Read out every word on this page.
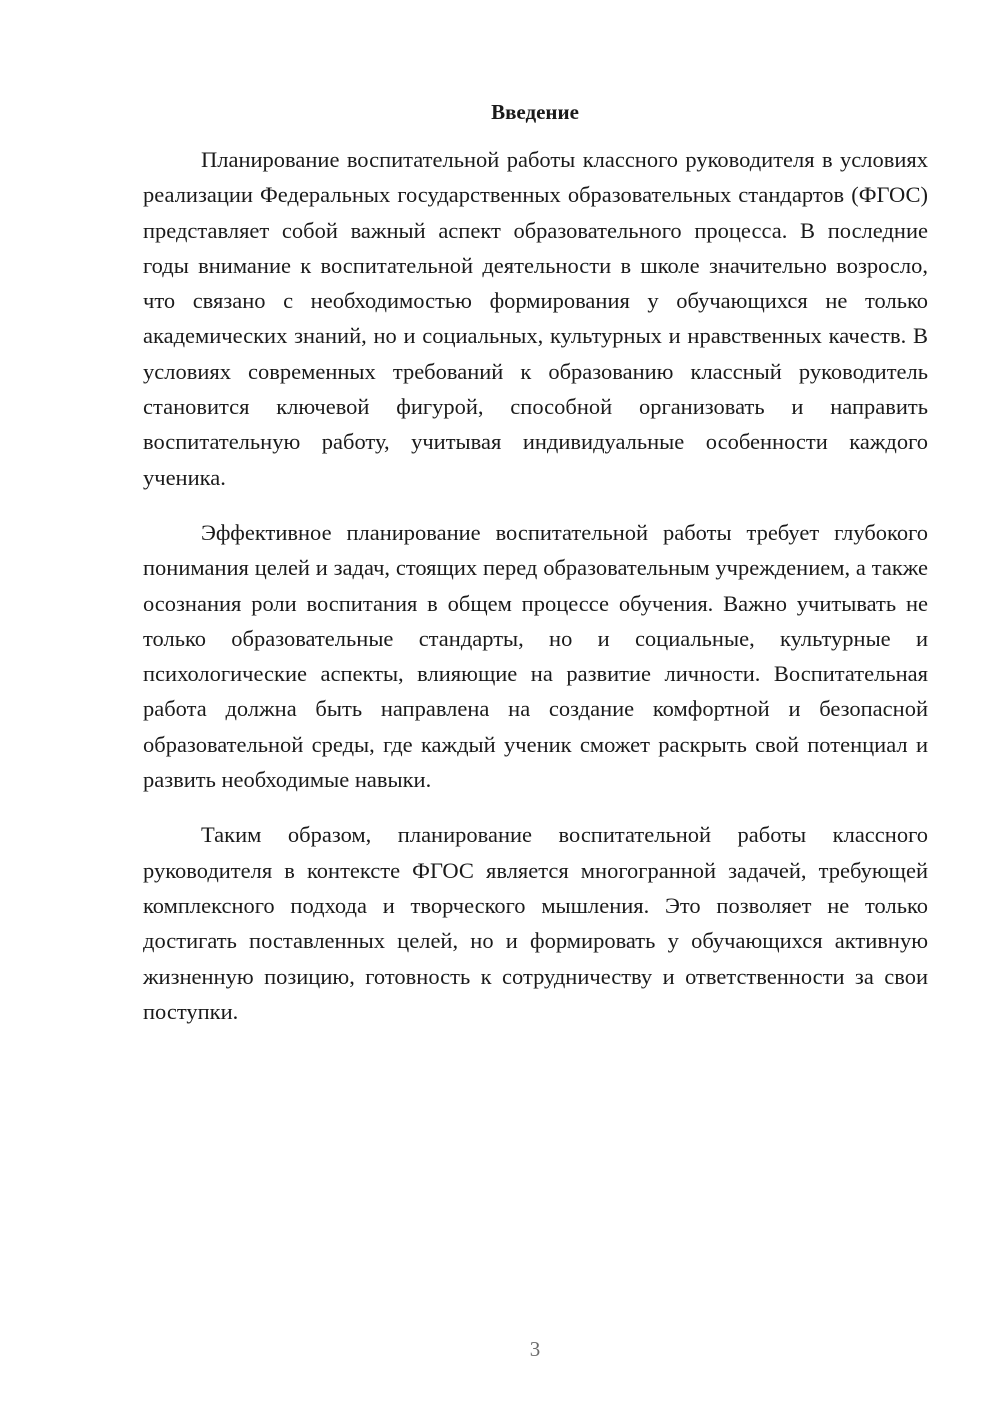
Введение

Планирование воспитательной работы классного руководителя в условиях реализации Федеральных государственных образовательных стандартов (ФГОС) представляет собой важный аспект образовательного процесса. В последние годы внимание к воспитательной деятельности в школе значительно возросло, что связано с необходимостью формирования у обучающихся не только академических знаний, но и социальных, культурных и нравственных качеств. В условиях современных требований к образованию классный руководитель становится ключевой фигурой, способной организовать и направить воспитательную работу, учитывая индивидуальные особенности каждого ученика.

Эффективное планирование воспитательной работы требует глубокого понимания целей и задач, стоящих перед образовательным учреждением, а также осознания роли воспитания в общем процессе обучения. Важно учитывать не только образовательные стандарты, но и социальные, культурные и психологические аспекты, влияющие на развитие личности. Воспитательная работа должна быть направлена на создание комфортной и безопасной образовательной среды, где каждый ученик сможет раскрыть свой потенциал и развить необходимые навыки.

Таким образом, планирование воспитательной работы классного руководителя в контексте ФГОС является многогранной задачей, требующей комплексного подхода и творческого мышления. Это позволяет не только достигать поставленных целей, но и формировать у обучающихся активную жизненную позицию, готовность к сотрудничеству и ответственности за свои поступки.

3
